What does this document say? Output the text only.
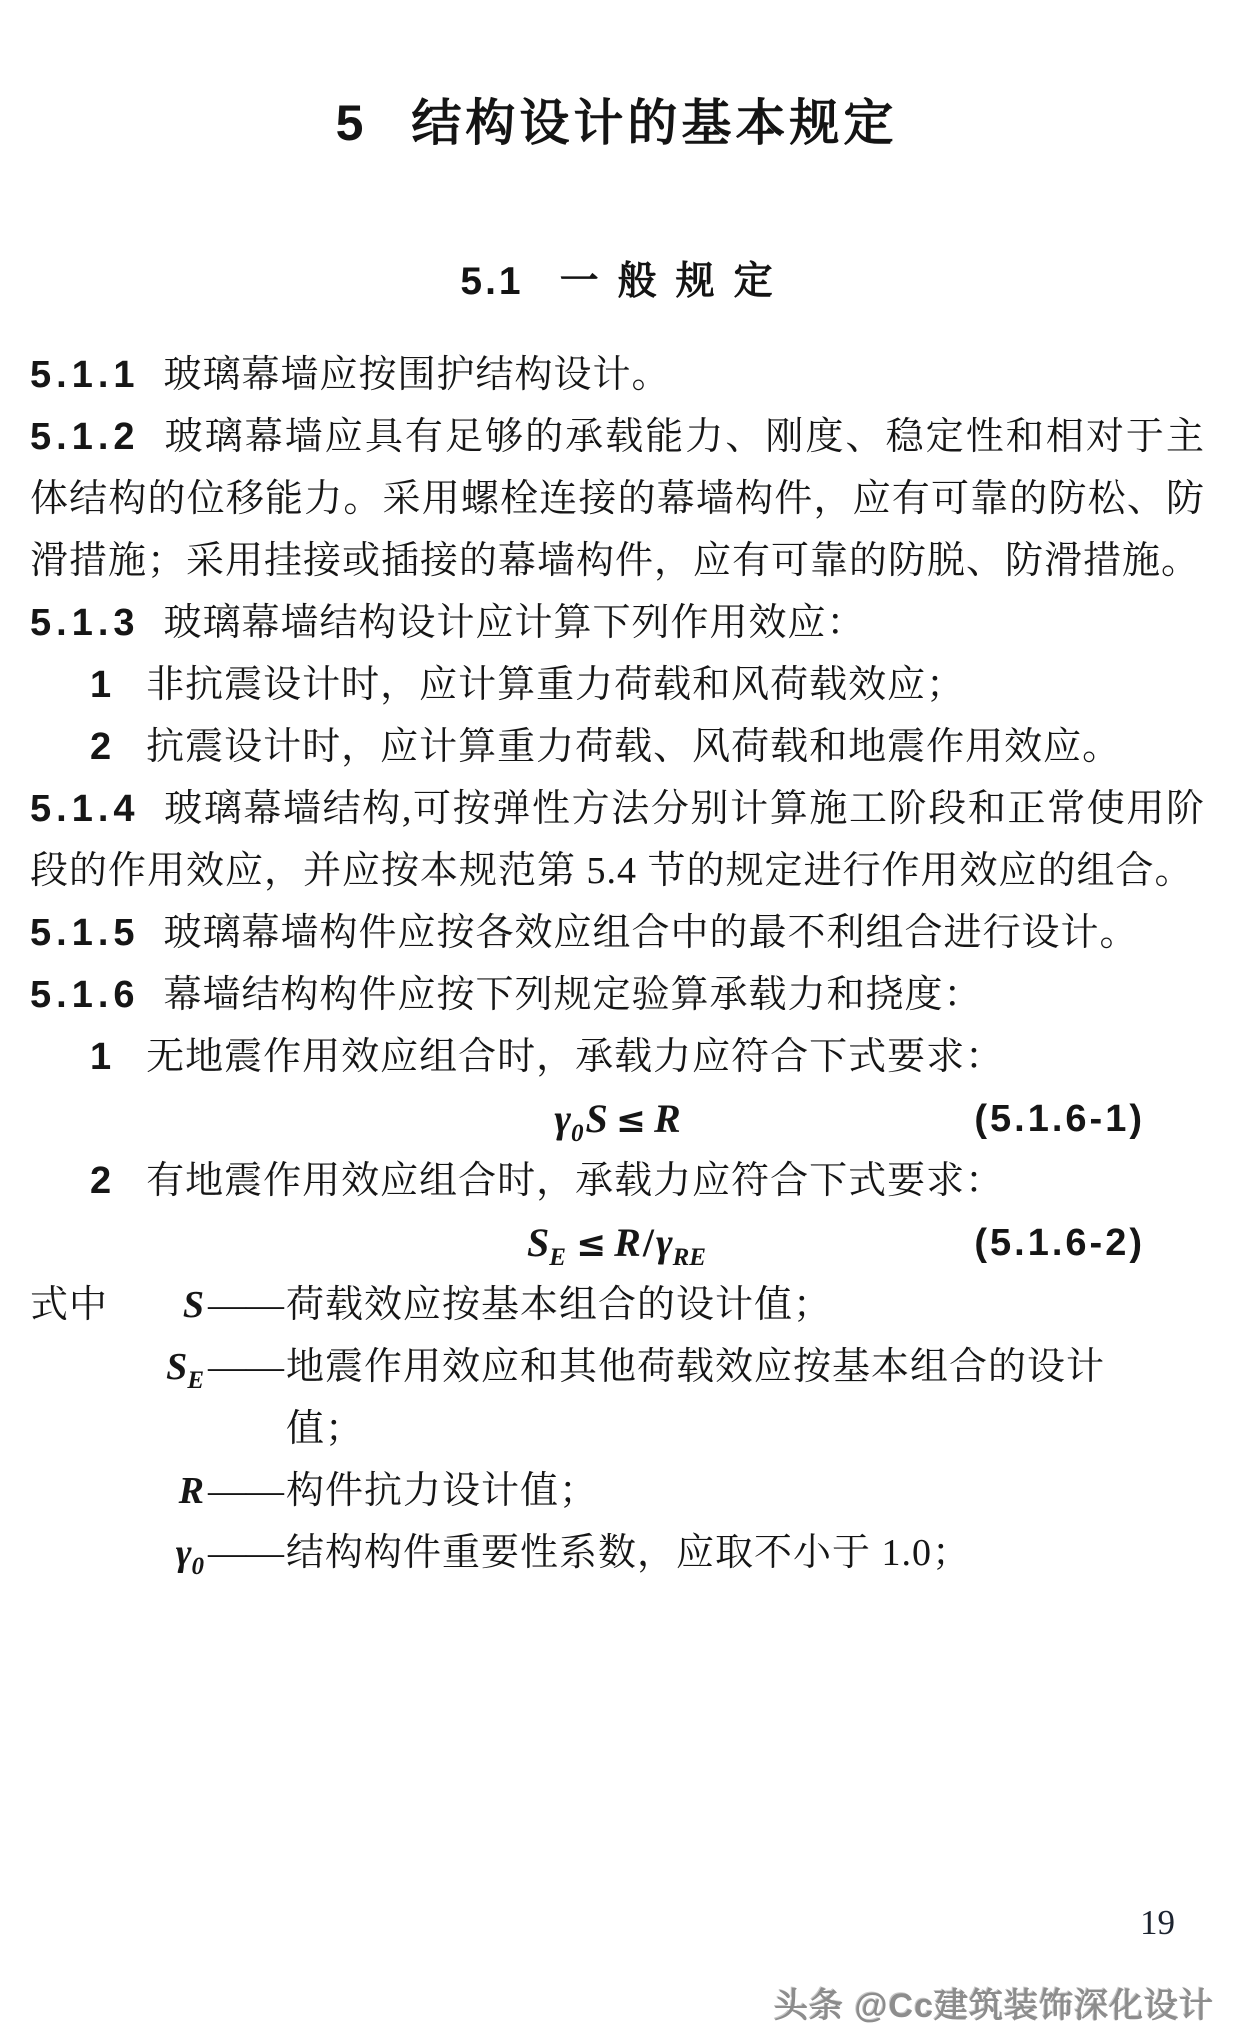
5 结构设计的基本规定
5.1 一般规定

5.1.1 玻璃幕墙应按围护结构设计。

5.1.2 玻璃幕墙应具有足够的承载能力、刚度、稳定性和相对于主体结构的位移能力。采用螺栓连接的幕墙构件，应有可靠的防松、防滑措施；采用挂接或插接的幕墙构件，应有可靠的防脱、防滑措施。

5.1.3 玻璃幕墙结构设计应计算下列作用效应：

1 非抗震设计时，应计算重力荷载和风荷载效应；

2 抗震设计时，应计算重力荷载、风荷载和地震作用效应。

5.1.4 玻璃幕墙结构,可按弹性方法分别计算施工阶段和正常使用阶段的作用效应，并应按本规范第 5.4 节的规定进行作用效应的组合。

5.1.5 玻璃幕墙构件应按各效应组合中的最不利组合进行设计。

5.1.6 幕墙结构构件应按下列规定验算承载力和挠度：

1 无地震作用效应组合时，承载力应符合下式要求：

$\gamma_0S \le R$	(5.1.6-1)

2 有地震作用效应组合时，承载力应符合下式要求：

$S_E \le R/\gamma_{RE}$	(5.1.6-2)
式中	S —— 荷载效应按基本组合的设计值；
$S_E$ —— 地震作用效应和其他荷载效应按基本组合的设计值；
R —— 构件抗力设计值；
$\gamma_0$ —— 结构构件重要性系数，应取不小于 1.0；
19
头条 @Cc建筑装饰深化设计
